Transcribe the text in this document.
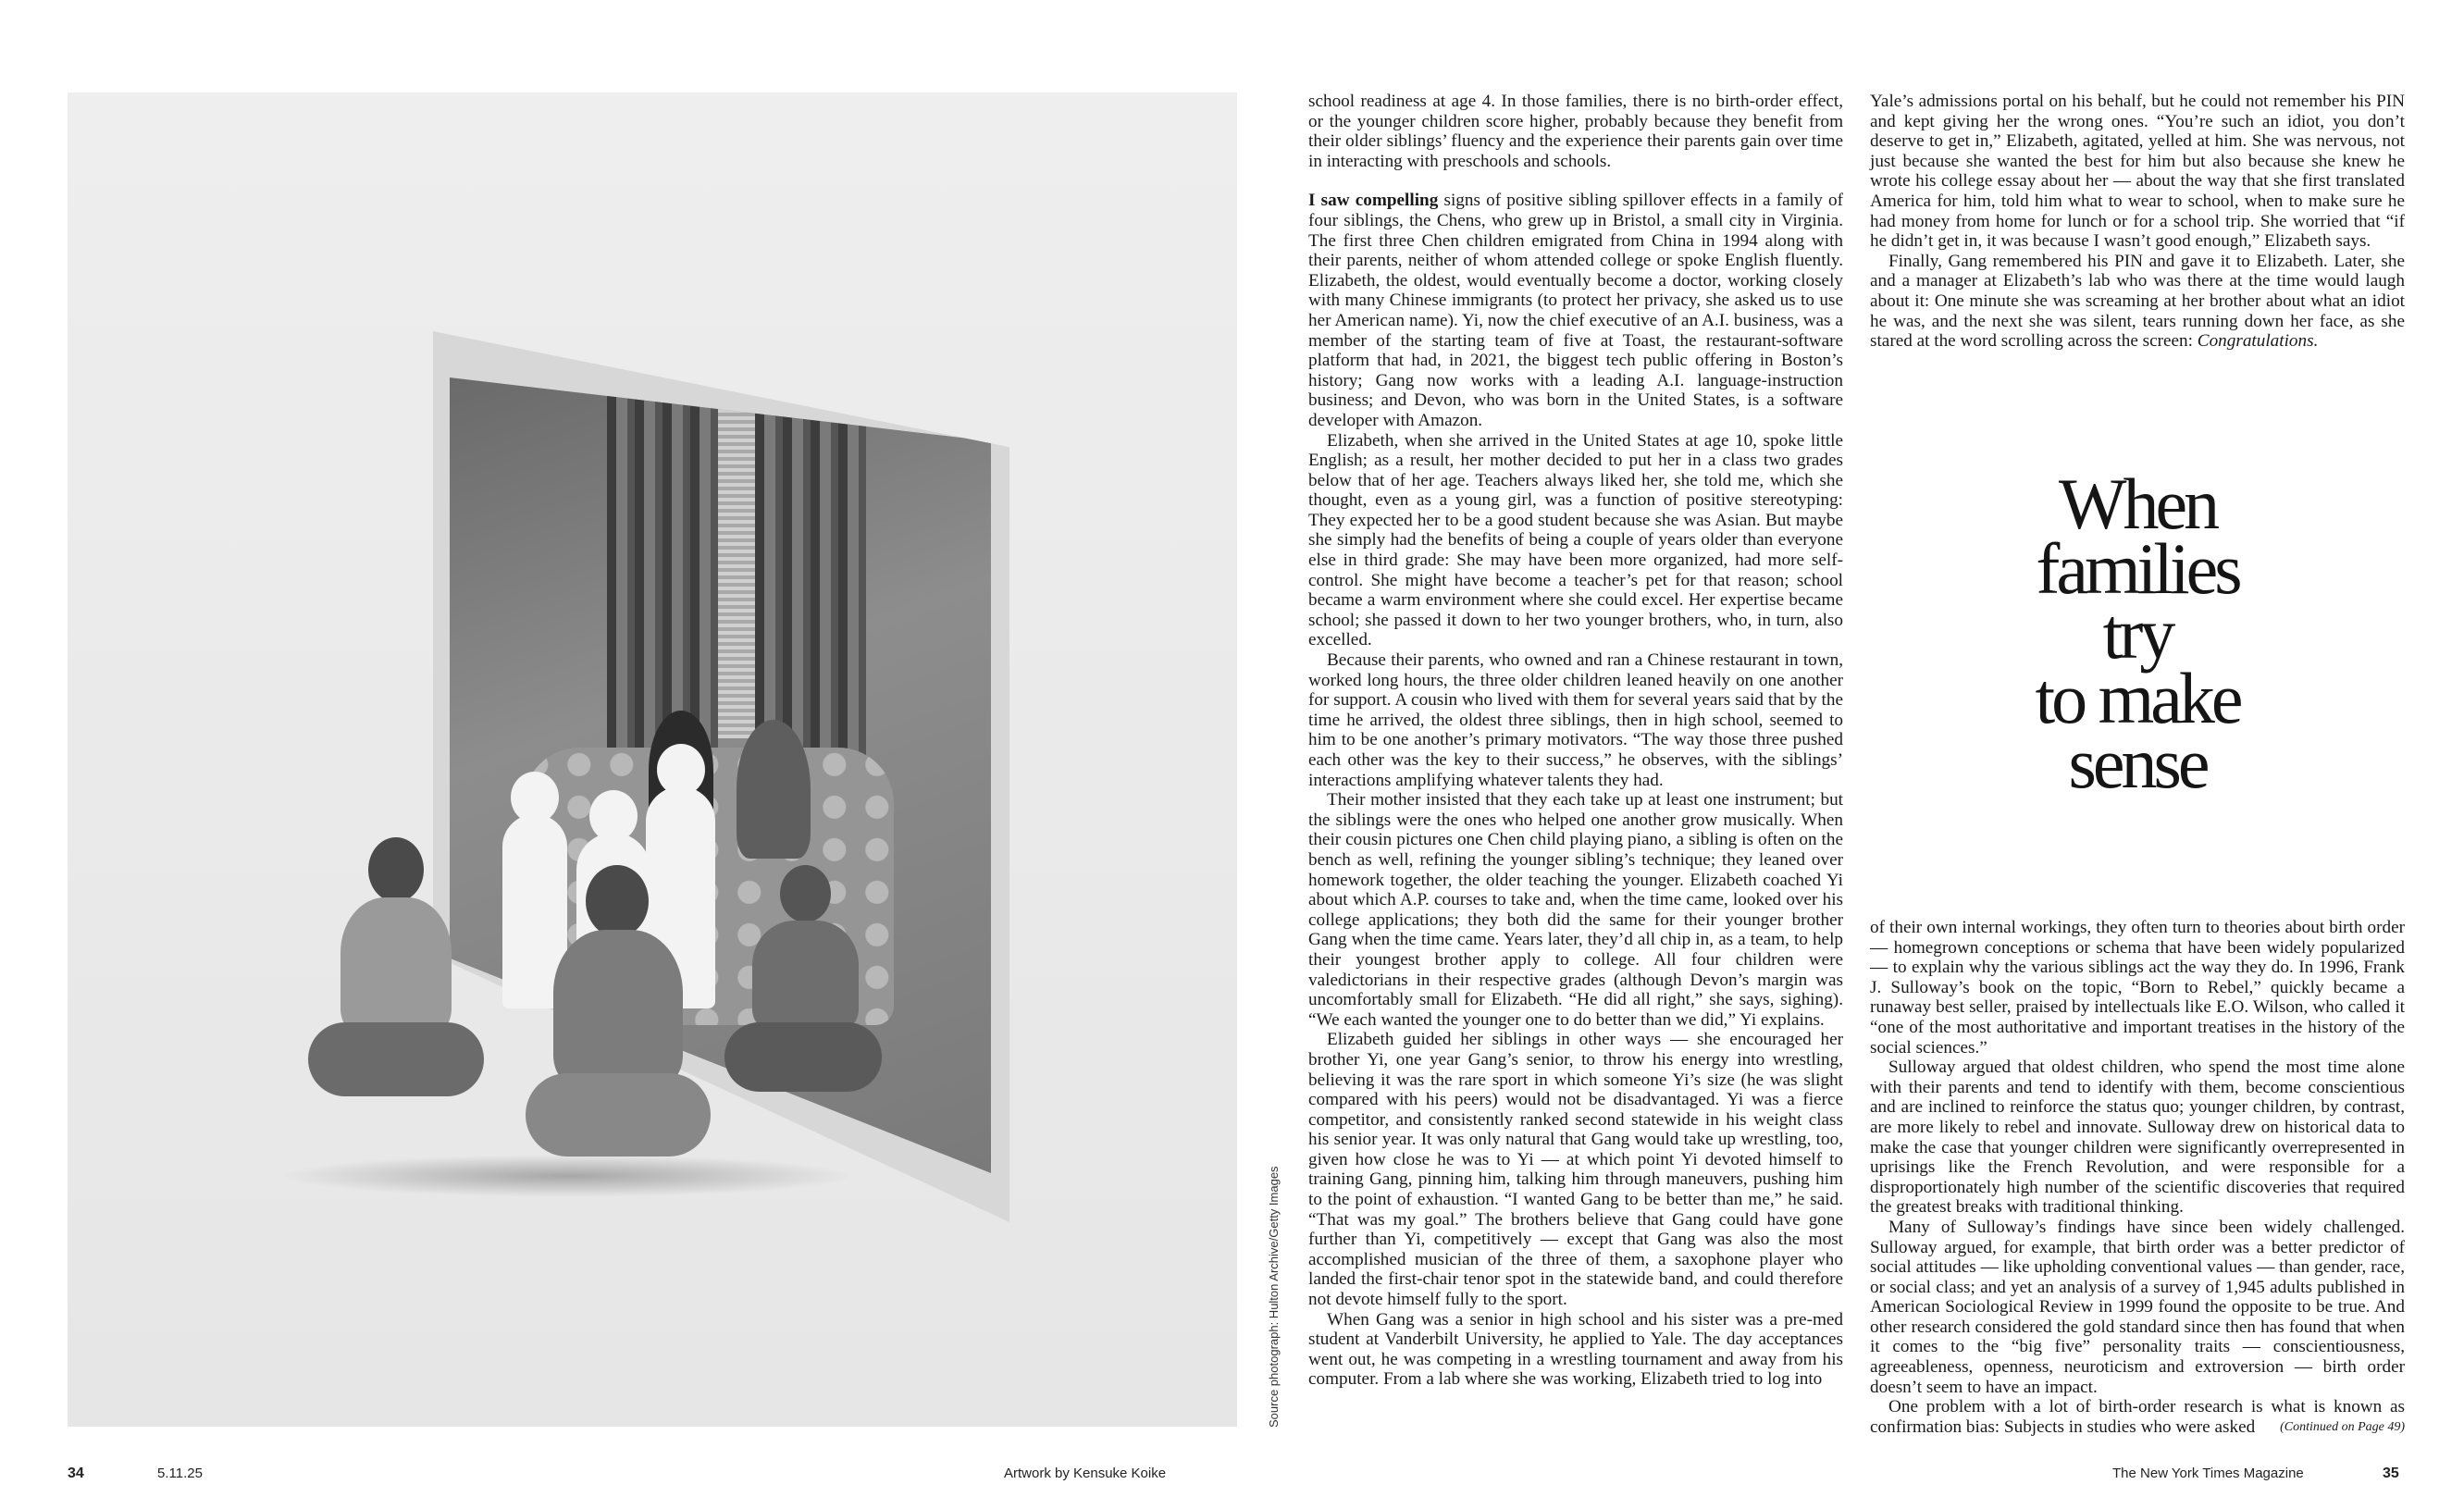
Source photograph: Hulton Archive/Getty Images

school readiness at age 4. In those families, there is no birth-order effect, or the younger children score higher, probably because they benefit from their older siblings’ fluency and the experience their parents gain over time in interacting with preschools and schools.

I saw compelling signs of positive sibling spillover effects in a family of four siblings, the Chens, who grew up in Bristol, a small city in Virginia. The first three Chen children emigrated from China in 1994 along with their parents, neither of whom attended college or spoke English fluently. Elizabeth, the oldest, would eventually become a doctor, working closely with many Chinese immigrants (to protect her privacy, she asked us to use her American name). Yi, now the chief executive of an A.I. business, was a member of the starting team of five at Toast, the restaurant-software platform that had, in 2021, the biggest tech public offering in Boston’s history; Gang now works with a leading A.I. language-instruction business; and Devon, who was born in the United States, is a software developer with Amazon.

Elizabeth, when she arrived in the United States at age 10, spoke little English; as a result, her mother decided to put her in a class two grades below that of her age. Teachers always liked her, she told me, which she thought, even as a young girl, was a function of positive stereotyping: They expected her to be a good student because she was Asian. But maybe she simply had the benefits of being a couple of years older than everyone else in third grade: She may have been more organized, had more self-control. She might have become a teacher’s pet for that reason; school became a warm environment where she could excel. Her expertise became school; she passed it down to her two younger brothers, who, in turn, also excelled.

Because their parents, who owned and ran a Chinese restaurant in town, worked long hours, the three older children leaned heavily on one another for support. A cousin who lived with them for several years said that by the time he arrived, the oldest three siblings, then in high school, seemed to him to be one another’s primary motivators. “The way those three pushed each other was the key to their success,” he observes, with the siblings’ interactions amplifying whatever talents they had.

Their mother insisted that they each take up at least one instrument; but the siblings were the ones who helped one another grow musically. When their cousin pictures one Chen child playing piano, a sibling is often on the bench as well, refining the younger sibling’s technique; they leaned over homework together, the older teaching the younger. Elizabeth coached Yi about which A.P. courses to take and, when the time came, looked over his college applications; they both did the same for their younger brother Gang when the time came. Years later, they’d all chip in, as a team, to help their youngest brother apply to college. All four children were valedictorians in their respective grades (although Devon’s margin was uncomfortably small for Elizabeth. “He did all right,” she says, sighing). “We each wanted the younger one to do better than we did,” Yi explains.

Elizabeth guided her siblings in other ways — she encouraged her brother Yi, one year Gang’s senior, to throw his energy into wrestling, believing it was the rare sport in which someone Yi’s size (he was slight compared with his peers) would not be disadvantaged. Yi was a fierce competitor, and consistently ranked second statewide in his weight class his senior year. It was only natural that Gang would take up wrestling, too, given how close he was to Yi — at which point Yi devoted himself to training Gang, pinning him, talking him through maneuvers, pushing him to the point of exhaustion. “I wanted Gang to be better than me,” he said. “That was my goal.” The brothers believe that Gang could have gone further than Yi, competitively — except that Gang was also the most accomplished musician of the three of them, a saxophone player who landed the first-chair tenor spot in the statewide band, and could therefore not devote himself fully to the sport.

When Gang was a senior in high school and his sister was a pre-med student at Vanderbilt University, he applied to Yale. The day acceptances went out, he was competing in a wrestling tournament and away from his computer. From a lab where she was working, Elizabeth tried to log into

Yale’s admissions portal on his behalf, but he could not remember his PIN and kept giving her the wrong ones. “You’re such an idiot, you don’t deserve to get in,” Elizabeth, agitated, yelled at him. She was nervous, not just because she wanted the best for him but also because she knew he wrote his college essay about her — about the way that she first translated America for him, told him what to wear to school, when to make sure he had money from home for lunch or for a school trip. She worried that “if he didn’t get in, it was because I wasn’t good enough,” Elizabeth says.

Finally, Gang remembered his PIN and gave it to Elizabeth. Later, she and a manager at Elizabeth’s lab who was there at the time would laugh about it: One minute she was screaming at her brother about what an idiot he was, and the next she was silent, tears running down her face, as she stared at the word scrolling across the screen: Congratulations.

When
families
try
to make
sense

of their own internal workings, they often turn to theories about birth order — homegrown conceptions or schema that have been widely popularized — to explain why the various siblings act the way they do. In 1996, Frank J. Sulloway’s book on the topic, “Born to Rebel,” quickly became a runaway best seller, praised by intellectuals like E.O. Wilson, who called it “one of the most authoritative and important treatises in the history of the social sciences.”

Sulloway argued that oldest children, who spend the most time alone with their parents and tend to identify with them, become conscientious and are inclined to reinforce the status quo; younger children, by contrast, are more likely to rebel and innovate. Sulloway drew on historical data to make the case that younger children were significantly overrepresented in uprisings like the French Revolution, and were responsible for a disproportionately high number of the scientific discoveries that required the greatest breaks with traditional thinking.

Many of Sulloway’s findings have since been widely challenged. Sulloway argued, for example, that birth order was a better predictor of social attitudes — like upholding conventional values — than gender, race, or social class; and yet an analysis of a survey of 1,945 adults published in American Sociological Review in 1999 found the opposite to be true. And other research considered the gold standard since then has found that when it comes to the “big five” personality traits — conscientiousness, agreeableness, openness, neuroticism and extroversion — birth order doesn’t seem to have an impact.

One problem with a lot of birth-order research is what is known as confirmation bias: Subjects in studies who were asked	(Continued on Page 49)

34	5.11.25	Artwork by Kensuke Koike	The New York Times Magazine	35
